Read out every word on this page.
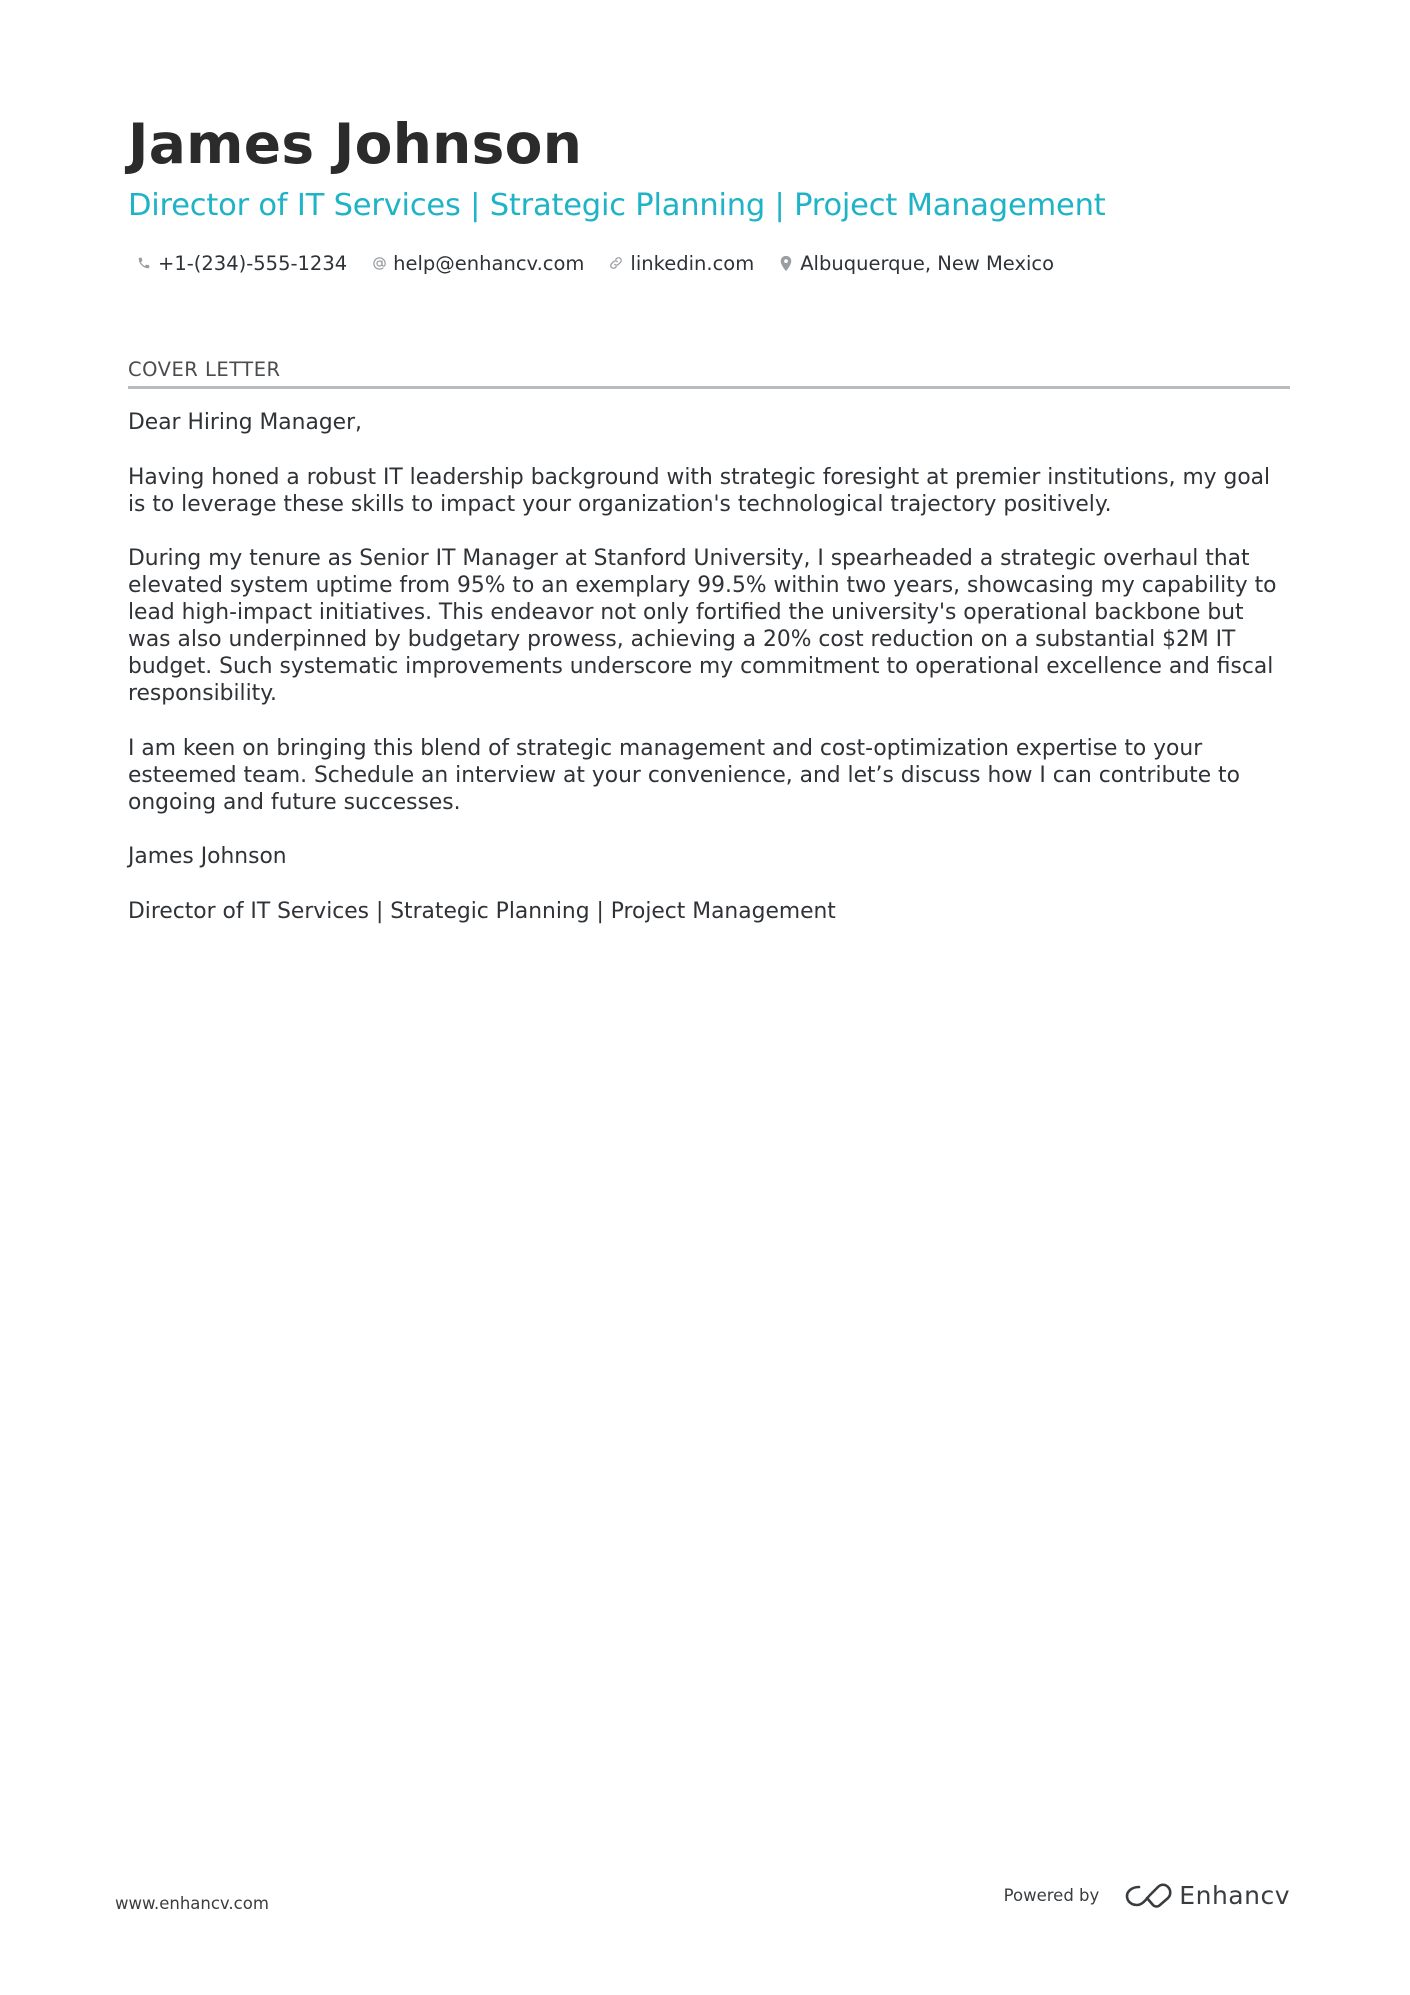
James Johnson
Director of IT Services | Strategic Planning | Project Management
+1-(234)-555-1234 help@enhancv.com linkedin.com Albuquerque, New Mexico
COVER LETTER

Dear Hiring Manager,

Having honed a robust IT leadership background with strategic foresight at premier institutions, my goal is to leverage these skills to impact your organization's technological trajectory positively.

During my tenure as Senior IT Manager at Stanford University, I spearheaded a strategic overhaul that elevated system uptime from 95% to an exemplary 99.5% within two years, showcasing my capability to lead high-impact initiatives. This endeavor not only fortified the university's operational backbone but was also underpinned by budgetary prowess, achieving a 20% cost reduction on a substantial $2M IT budget. Such systematic improvements underscore my commitment to operational excellence and fiscal responsibility.

I am keen on bringing this blend of strategic management and cost-optimization expertise to your esteemed team. Schedule an interview at your convenience, and let’s discuss how I can contribute to ongoing and future successes.

James Johnson

Director of IT Services | Strategic Planning | Project Management

www.enhancv.com	Powered by	Enhancv
